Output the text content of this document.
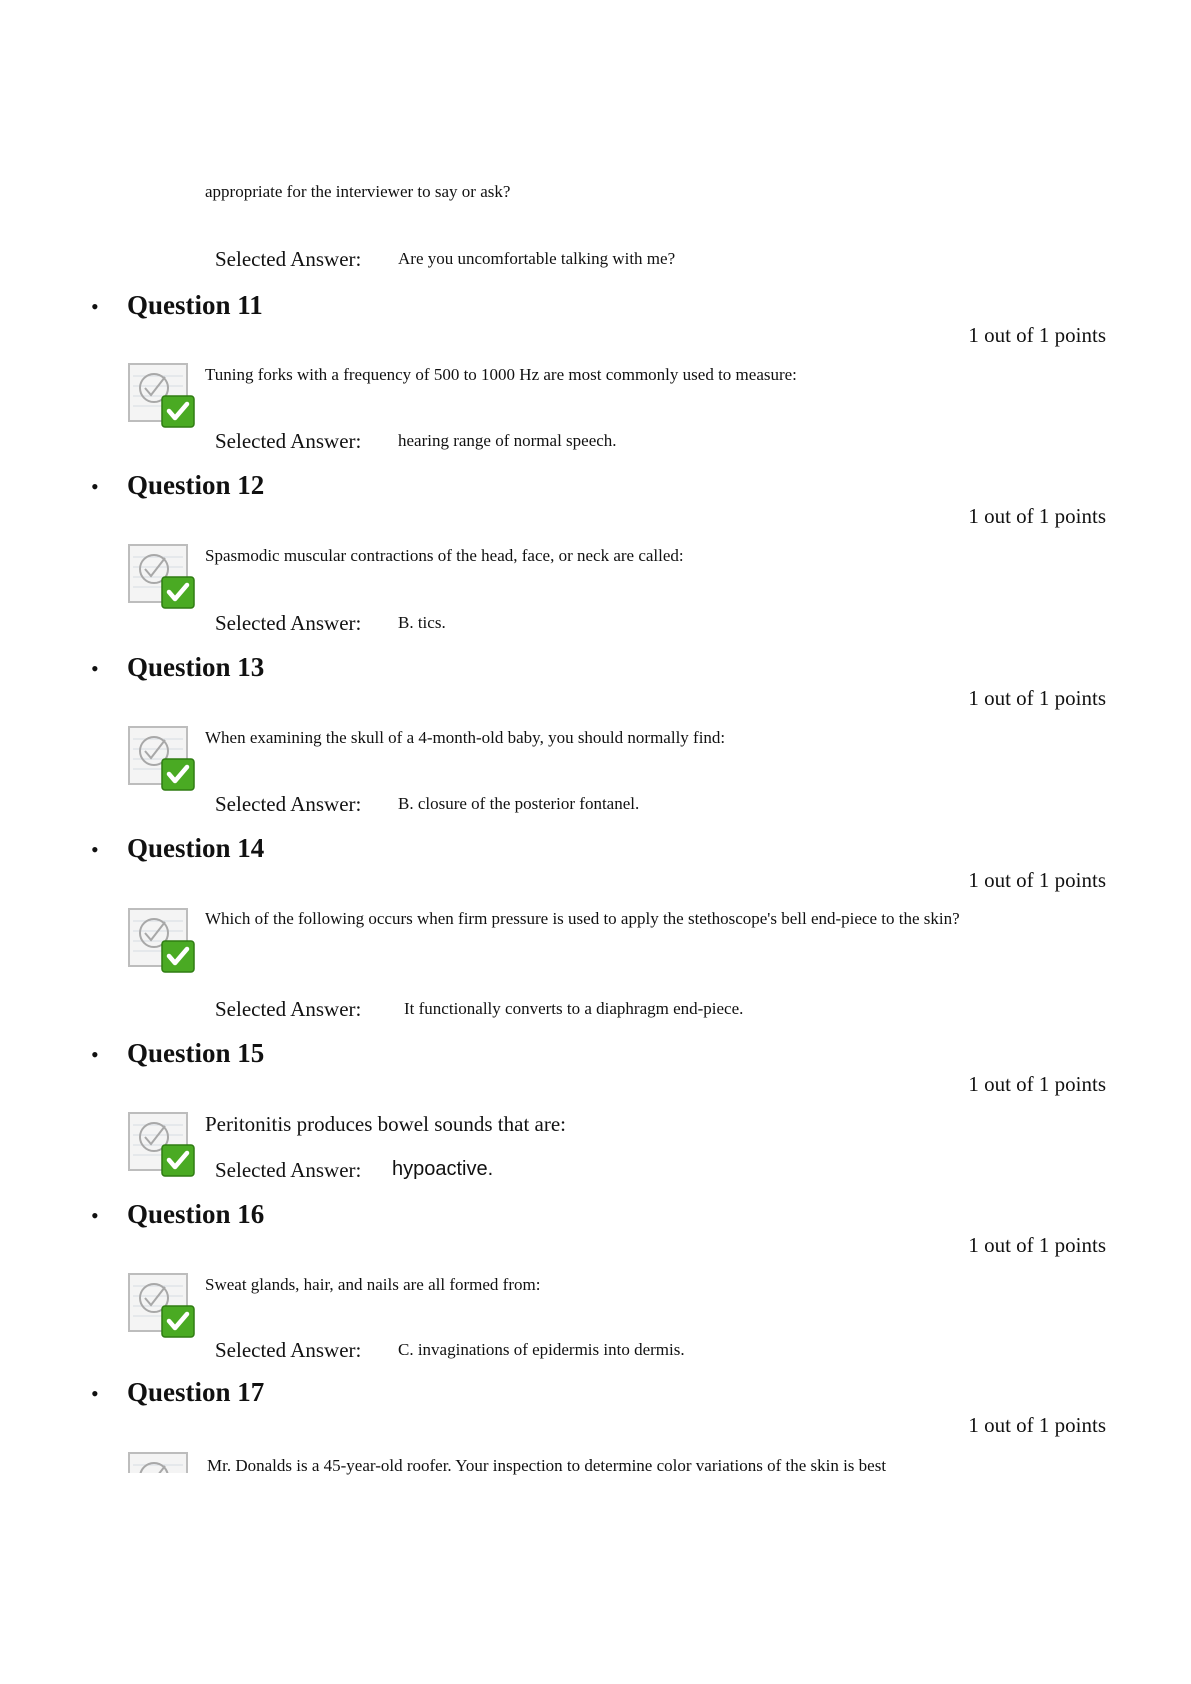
appropriate for the interviewer to say or ask?
Selected Answer: Are you uncomfortable talking with me?
• Question 11
1 out of 1 points
Tuning forks with a frequency of 500 to 1000 Hz are most commonly used to measure:
Selected Answer: hearing range of normal speech.
• Question 12
1 out of 1 points
Spasmodic muscular contractions of the head, face, or neck are called:
Selected Answer: B. tics.
• Question 13
1 out of 1 points
When examining the skull of a 4-month-old baby, you should normally find:
Selected Answer: B. closure of the posterior fontanel.
• Question 14
1 out of 1 points
Which of the following occurs when firm pressure is used to apply the stethoscope's bell end-piece to the skin?
Selected Answer:	It functionally converts to a diaphragm end-piece.
• Question 15
1 out of 1 points
Peritonitis produces bowel sounds that are:
Selected Answer: hypoactive.
• Question 16
1 out of 1 points
Sweat glands, hair, and nails are all formed from:
Selected Answer: C. invaginations of epidermis into dermis.
• Question 17
1 out of 1 points
Mr. Donalds is a 45-year-old roofer. Your inspection to determine color variations of the skin is best
